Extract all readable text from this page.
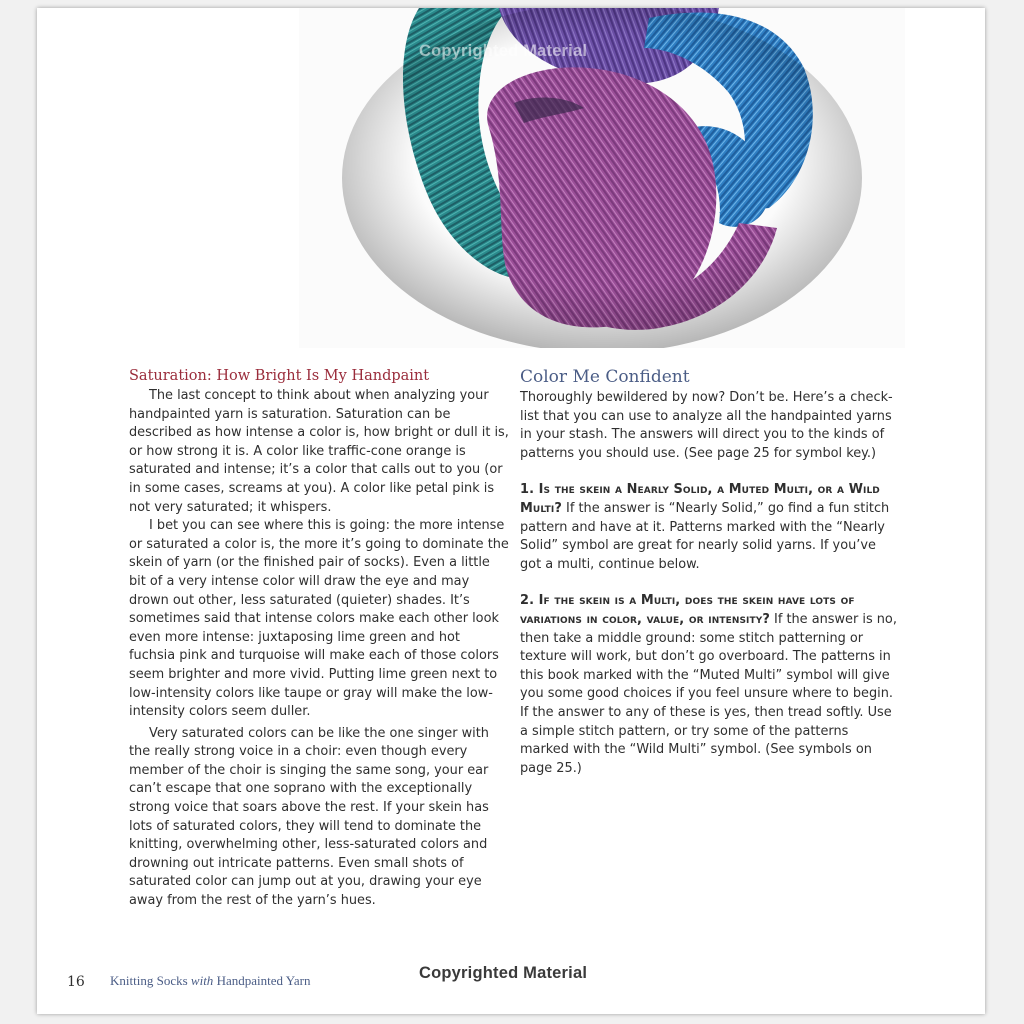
Copyrighted Material
Saturation: How Bright Is My Handpaint

The last concept to think about when analyzing your handpainted yarn is saturation. Saturation can be described as how intense a color is, how bright or dull it is, or how strong it is. A color like traffic-cone orange is saturated and intense; it’s a color that calls out to you (or in some cases, screams at you). A color like petal pink is not very saturated; it whispers.

I bet you can see where this is going: the more intense or saturated a color is, the more it’s going to dominate the skein of yarn (or the finished pair of socks). Even a little bit of a very intense color will draw the eye and may drown out other, less saturated (quieter) shades. It’s sometimes said that intense colors make each other look even more intense: juxtaposing lime green and hot fuchsia pink and turquoise will make each of those colors seem brighter and more vivid. Putting lime green next to low-intensity colors like taupe or gray will make the low-intensity colors seem duller.

Very saturated colors can be like the one singer with the really strong voice in a choir: even though every member of the choir is singing the same song, your ear can’t escape that one soprano with the exceptionally strong voice that soars above the rest. If your skein has lots of saturated colors, they will tend to dominate the knitting, overwhelming other, less-saturated colors and drowning out intricate patterns. Even small shots of saturated color can jump out at you, drawing your eye away from the rest of the yarn’s hues.

Color Me Confident

Thoroughly bewildered by now? Don’t be. Here’s a checklist that you can use to analyze all the handpainted yarns in your stash. The answers will direct you to the kinds of patterns you should use. (See page 25 for symbol key.)

1. Is the skein a Nearly Solid, a Muted Multi, or a Wild Multi? If the answer is “Nearly Solid,” go find a fun stitch pattern and have at it. Patterns marked with the “Nearly Solid” symbol are great for nearly solid yarns. If you’ve got a multi, continue below.

2. If the skein is a Multi, does the skein have lots of variations in color, value, or intensity? If the answer is no, then take a middle ground: some stitch patterning or texture will work, but don’t go overboard. The patterns in this book marked with the “Muted Multi” symbol will give you some good choices if you feel unsure where to begin. If the answer to any of these is yes, then tread softly. Use a simple stitch pattern, or try some of the patterns marked with the “Wild Multi” symbol. (See symbols on page 25.)

16 Knitting Socks with Handpainted Yarn	Copyrighted Material
